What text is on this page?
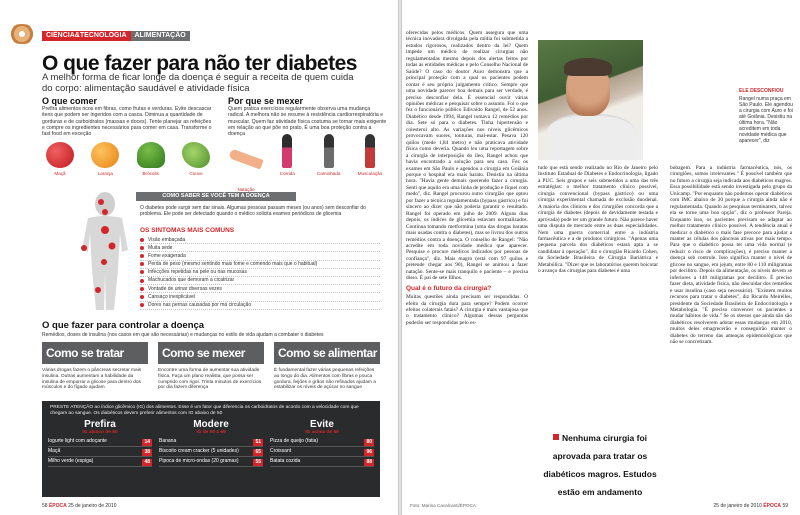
CIÊNCIA&TECNOLOGIA	ALIMENTAÇÃO
O que fazer para não ter diabetes

A melhor forma de ficar longe da doença é seguir a receita de quem cuida do corpo: alimentação saudável e atividade física

O que comer

Prefira alimentos ricos em fibras, como frutas e verduras. Evite descascar itens que podem ser ingeridos com a casca. Diminua a quantidade de gorduras e de carboidratos (massas e doces). Tente planejar as refeições e compre os ingredientes necessários para comer em casa. Transforme o fast food em exceção

Maçã	Laranja	Brócolis	Couve
Por que se mexer

Quem pratica exercícios regularmente observa uma mudança radical. A melhora não se resume à resistência cardiorrespiratória e muscular. Quem faz atividade física costuma se tornar mais exigente em relação ao que põe no prato. É uma boa proteção contra a doença

Natação
Corrida	Caminhada	Musculação
COMO SABER SE VOCÊ TEM A DOENÇA

O diabetes pode surgir sem dar sinais. Algumas pessoas passam meses (ou anos) sem desconfiar do problema. Ele pode ser detectado quando o médico solicita exames periódicos de glicemia

OS SINTOMAS MAIS COMUNS
Visão embaçada
Muita sede
Fome exagerada
Perda de peso (mesmo sentindo mais fome e comendo mais que o habitual)
Infecções repetidas na pele ou nas mucosas
Machucados que demoram a cicatrizar
Vontade de urinar diversas vezes
Cansaço inexplicável
Dores nas pernas causadas por má circulação
O que fazer para controlar a doença

Remédios, doses de insulina (nos casos em que são necessárias) e mudanças no estilo de vida ajudam a combater o diabetes

Como se tratar

Várias drogas fazem o pâncreas secretar mais insulina. Outras aumentam a habilidade da insulina de empurrar a glicose para dentro dos músculos e do fígado ajudam

Como se mexer

Encontre uma forma de aumentar sua atividade física. Faça um plano realista, que possa ser cumprido com rigor. Trinta minutos de exercícios por dia fazem diferença

Como se alimentar

É fundamental fazer várias pequenas refeições ao longo do dia. Alimentos com fibras e pouca gordura, feijões e grãos não refinados ajudam a estabilizar os níveis de açúcar no sangue

PRESTE ATENÇÃO ao índice glicêmico (IG) dos alimentos. Esse é um fator que diferencia os carboidratos de acordo com a velocidade com que chegam ao sangue. Os diabéticos devem preferir alimentos com IG abaixo de 50

Prefira
IG abaixo de 50
Iogurte light com adoçante	14
Maçã	38
Milho verde (espiga)	48
Modere
IG de 50 a 69
Banana	51
Biscoito cream cracker (5 unidades)	65
Pipoca de micro-ondas (20 gramas)	55
Evite
IG acima de 69
Pizza de queijo (fatia)	80
Croissant	96
Batata cozida	88
58 ÉPOCA 25 de janeiro de 2010
oferecidas pelos médicos. Quem assegura que uma técnica inovadora divulgada pela mídia foi submetida a estudos rigorosos, realizados dentro da lei? Quem impede um médico de realizar cirurgias não regulamentadas mesmo depois dos alertas feitos por todas as entidades médicas e pelo Conselho Nacional de Saúde? O caso do doutor Auro demonstra que a principal proteção com a qual os pacientes podem contar é seu próprio julgamento crítico. Sempre que uma novidade parecer boa demais para ser verdade, é preciso desconfiar dela. É essencial ouvir várias opiniões médicas e pesquisar sobre o assunto. Foi o que fez o funcionário público Edivaldo Rangel, de 52 anos. Diabético desde 1994, Rangel tomava 12 remédios por dia. Sete só para o diabetes. Tinha hipertensão e colesterol alto. As variações nos níveis glicêmicos provocavam suores, tonturas, mal-estar. Pesava 120 quilos (mede 1,84 metro) e não praticava atividade física como deveria. Quando leu uma reportagem sobre a cirurgia de interposição do íleo, Rangel achou que havia encontrado a solução para seu caso. Fez os exames em São Paulo e agendou a cirurgia em Goiânia porque o hospital era mais barato. Desistiu na última hora. "Havia gente demais querendo fazer a cirurgia. Senti que aquilo era uma linha de produção e fiquei com medo", diz. Rangel procurou outro cirurgião que optou por fazer a técnica regulamentada (bypass gástrico) e foi sincero ao dizer que não poderia garantir o resultado. Rangel foi operado em julho de 2009. Alguns dias depois, os índices de glicemia estavam normalizados. Continua tomando metformina (uma das drogas baratas mais usadas contra o diabetes), mas se livrou dos outros remédios contra a doença. O conselho de Rangel: "Não acredite em toda novidade médica que aparecer. Pesquise e procure médicos indicados por pessoas de confiança", diz. Mais magro (está com 97 quilos e pretende chegar aos 90), Rangel se animou a fazer natação. Sente-se mais tranquilo e paciente – e precisa disso. É pai de sete filhos.
Qual é o futuro da cirurgia?
Muitas questões ainda precisam ser respondidas. O efeito da cirurgia dura para sempre? Podem ocorrer efeitos colaterais fatais? A cirurgia é mais vantajosa que o tratamento clínico? Algumas dessas perguntas poderão ser respondidas pelo es-
tudo que está sendo realizado no Rio de Janeiro pelo Instituto Estadual de Diabetes e Endocrinologia, ligado à PUC. Seis grupos e seis submetidos a uma das três estratégias: o melhor tratamento clínico possível, cirurgia convencional (bypass gástrico) ou uma cirurgia experimental chamada de exclusão duodenal. A maioria dos clínicos e dos cirurgiões concorda que a cirurgia de diabetes (depois de devidamente testada e aprovada) pode ter um grande futuro. Não parece haver uma disputa de mercado entre as duas especialidades. Nem uma guerra comercial entre a indústria farmacêutica e a de produtos cirúrgicos. "Apenas uma pequena parcela dos diabéticos estará apta a se candidatar à operação", diz o cirurgião Ricardo Cohen, da Sociedade Brasileira de Cirurgia Bariátrica e Metabólica. "Dizer que os laboratórios querem boicotar o avanço das cirurgias para diabetes é uma
bobagem. Para a indústria farmacêutica, nós, os cirurgiões, somos irrelevantes." É possível também que no futuro a cirurgia seja indicada aos diabéticos magros. Essa possibilidade está sendo investigada pelo grupo da Unicamp. "Por enquanto não podemos operar diabéticos com IMC abaixo de 30 porque a cirurgia ainda não é regulamentada. Quando as pesquisas terminarem, talvez ela se torne uma boa opção", diz o professor Pareja. Enquanto isso, os pacientes precisam se adaptar ao melhor tratamento clínico possível. A tendência atual é medicar o diabético o mais fase precoce para ajudar a manter as células dos pâncreas ativas por mais tempo. Para que o diabético possa ter uma vida normal (e reduzir o risco de complicações), é preciso manter a doença sob controle. Isso significa manter o nível de glicose no sangue, em jejum, entre 80 e 110 miligramas por decilitro. Depois da alimentação, os níveis devem se inferiores a 140 miligramas por decilitro. É preciso fazer dieta, atividade física, não descuidar dos remédios e usar insulina (caso seja necessário). "Existem muitos recursos para tratar o diabetes", diz Ricardo Meirelles, presidente da Sociedade Brasileira de Endocrinologia e Metabologia. "É preciso convencer os pacientes a mudar hábitos de vida." Se os obesos que ainda não são diabéticos resolverem adotar essas mudanças em 2010, muitos deles emagrecerão e conseguirão manter o diabetes do terreno das ameaças epidemiológicas que não se concretizam.
ELE DESCONFIOU
Rangel numa praça em São Paulo. Ele agendou a cirurgia com Auro e foi até Goiânia. Desistiu na última hora. "Não acreditem em toda novidade médica que aparecer", diz

Nenhuma cirurgia foi aprovada para tratar os diabéticos magros. Estudos estão em andamento

Foto: Marina Cavalcanti/ÉPOCA	25 de janeiro de 2010 ÉPOCA 59
